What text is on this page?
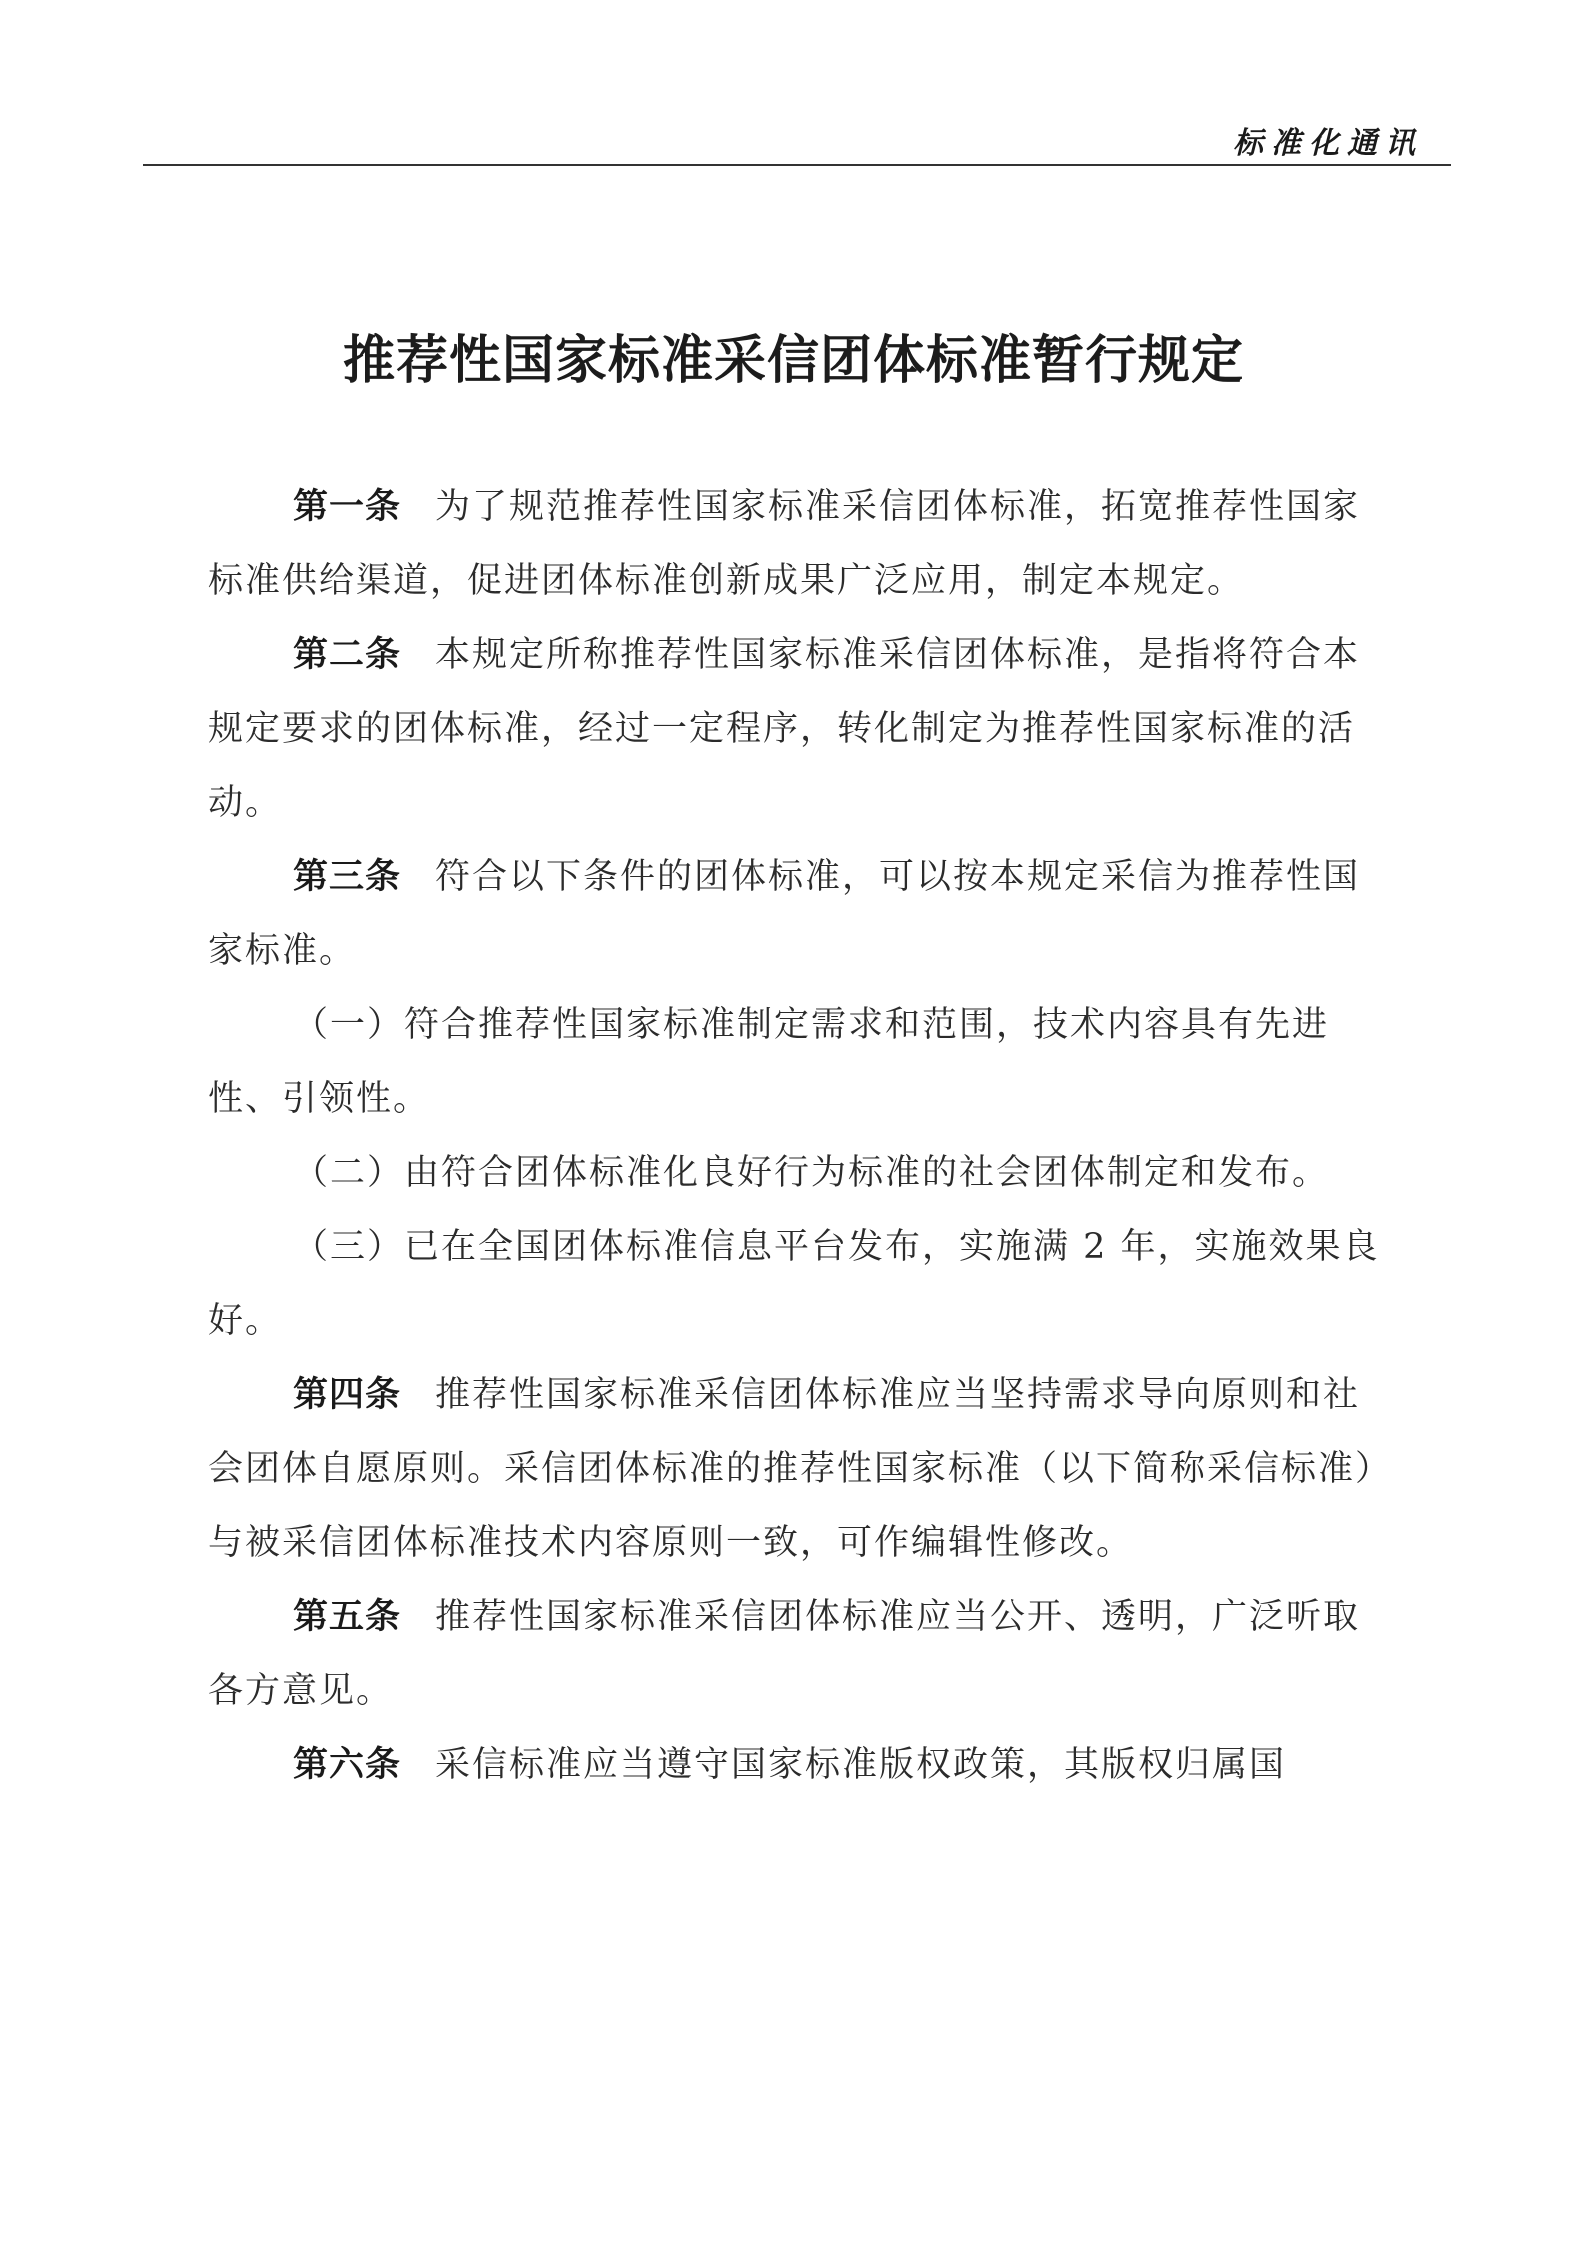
标准化通讯
推荐性国家标准采信团体标准暂行规定

第一条 为了规范推荐性国家标准采信团体标准，拓宽推荐性国家标准供给渠道，促进团体标准创新成果广泛应用，制定本规定。

第二条 本规定所称推荐性国家标准采信团体标准，是指将符合本规定要求的团体标准，经过一定程序，转化制定为推荐性国家标准的活动。

第三条 符合以下条件的团体标准，可以按本规定采信为推荐性国家标准。

（一）符合推荐性国家标准制定需求和范围，技术内容具有先进性、引领性。

（二）由符合团体标准化良好行为标准的社会团体制定和发布。

（三）已在全国团体标准信息平台发布，实施满 2 年，实施效果良好。

第四条 推荐性国家标准采信团体标准应当坚持需求导向原则和社会团体自愿原则。采信团体标准的推荐性国家标准（以下简称采信标准）与被采信团体标准技术内容原则一致，可作编辑性修改。

第五条 推荐性国家标准采信团体标准应当公开、透明，广泛听取各方意见。

第六条 采信标准应当遵守国家标准版权政策，其版权归属国
